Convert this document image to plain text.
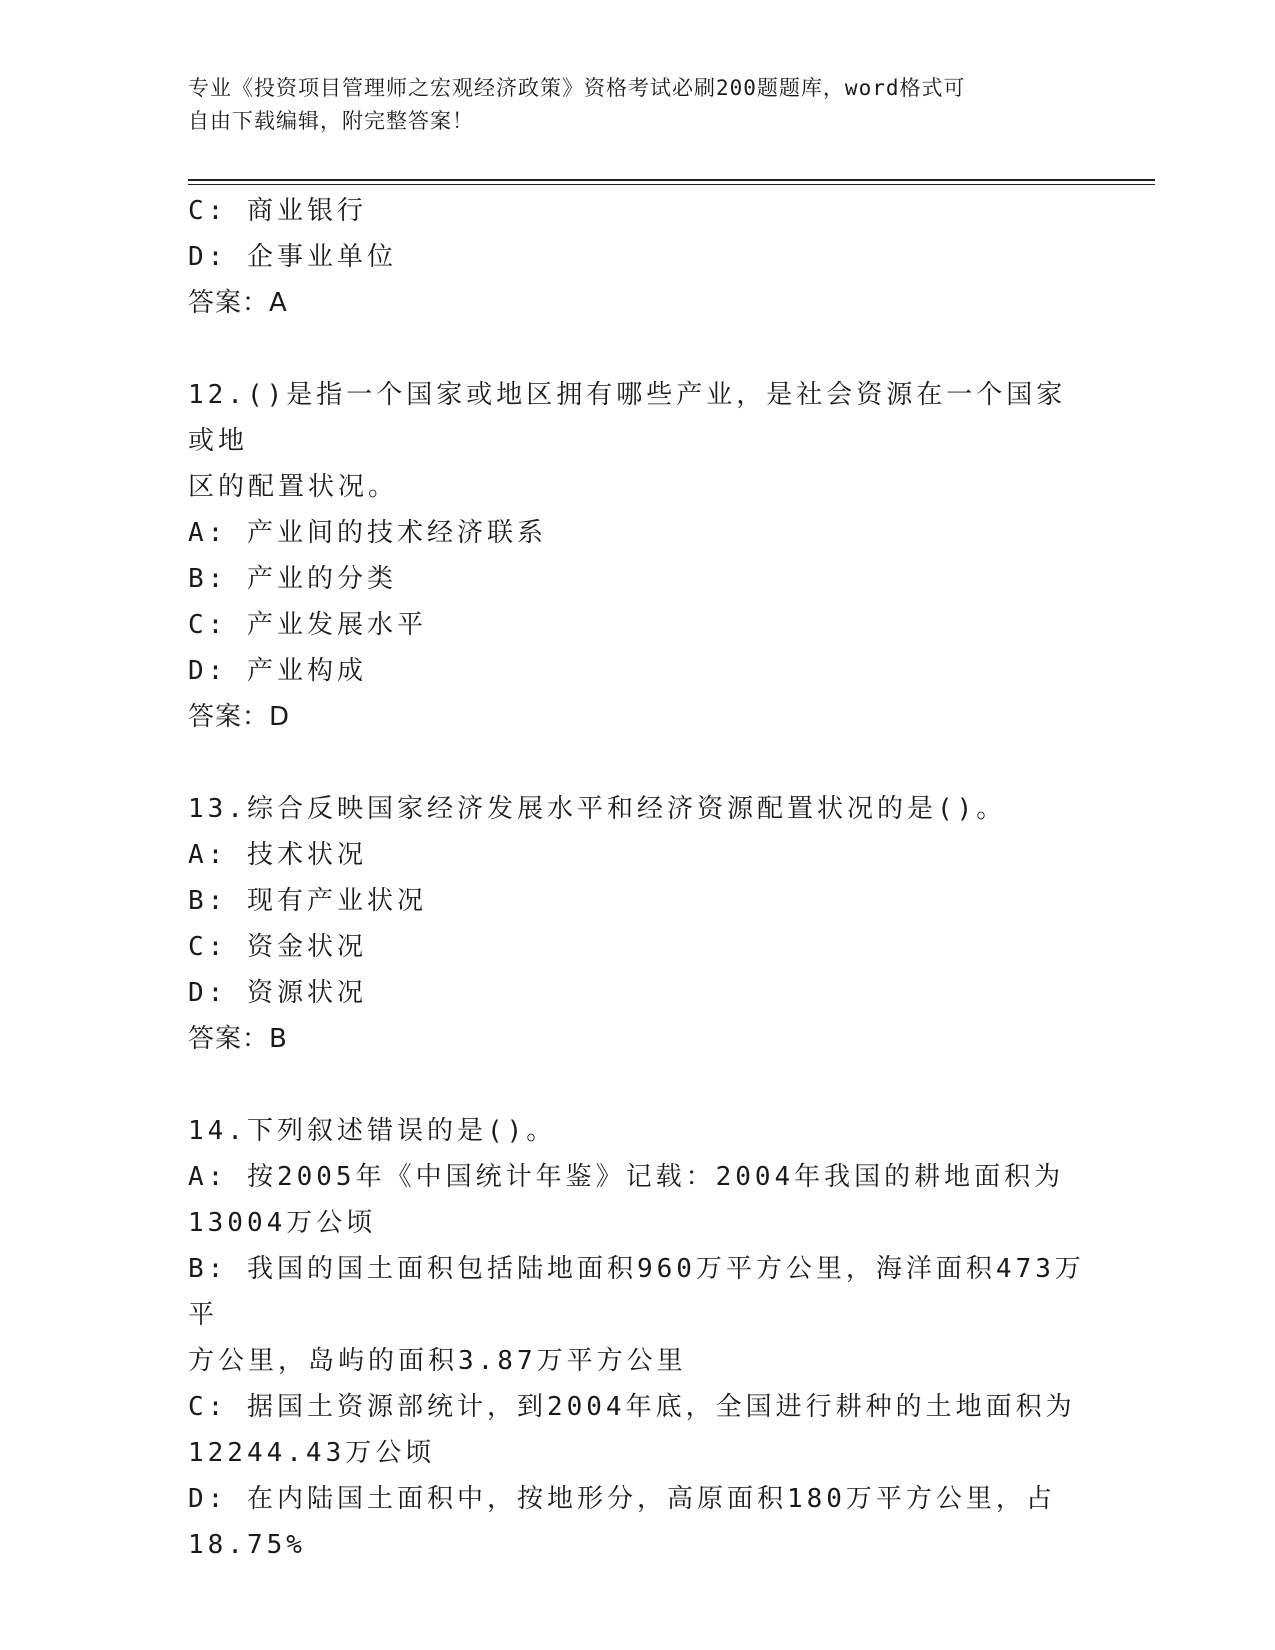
专业《投资项目管理师之宏观经济政策》资格考试必刷200题题库，word格式可
自由下载编辑，附完整答案！
C: 商业银行
D: 企事业单位
答案：A
12.()是指一个国家或地区拥有哪些产业，是社会资源在一个国家或地
区的配置状况。
A: 产业间的技术经济联系
B: 产业的分类
C: 产业发展水平
D: 产业构成
答案：D
13.综合反映国家经济发展水平和经济资源配置状况的是()。
A: 技术状况
B: 现有产业状况
C: 资金状况
D: 资源状况
答案：B
14.下列叙述错误的是()。
A: 按2005年《中国统计年鉴》记载：2004年我国的耕地面积为
13004万公顷
B: 我国的国土面积包括陆地面积960万平方公里，海洋面积473万平
方公里，岛屿的面积3.87万平方公里
C: 据国土资源部统计，到2004年底，全国进行耕种的土地面积为
12244.43万公顷
D: 在内陆国土面积中，按地形分，高原面积180万平方公里，占
18.75%
